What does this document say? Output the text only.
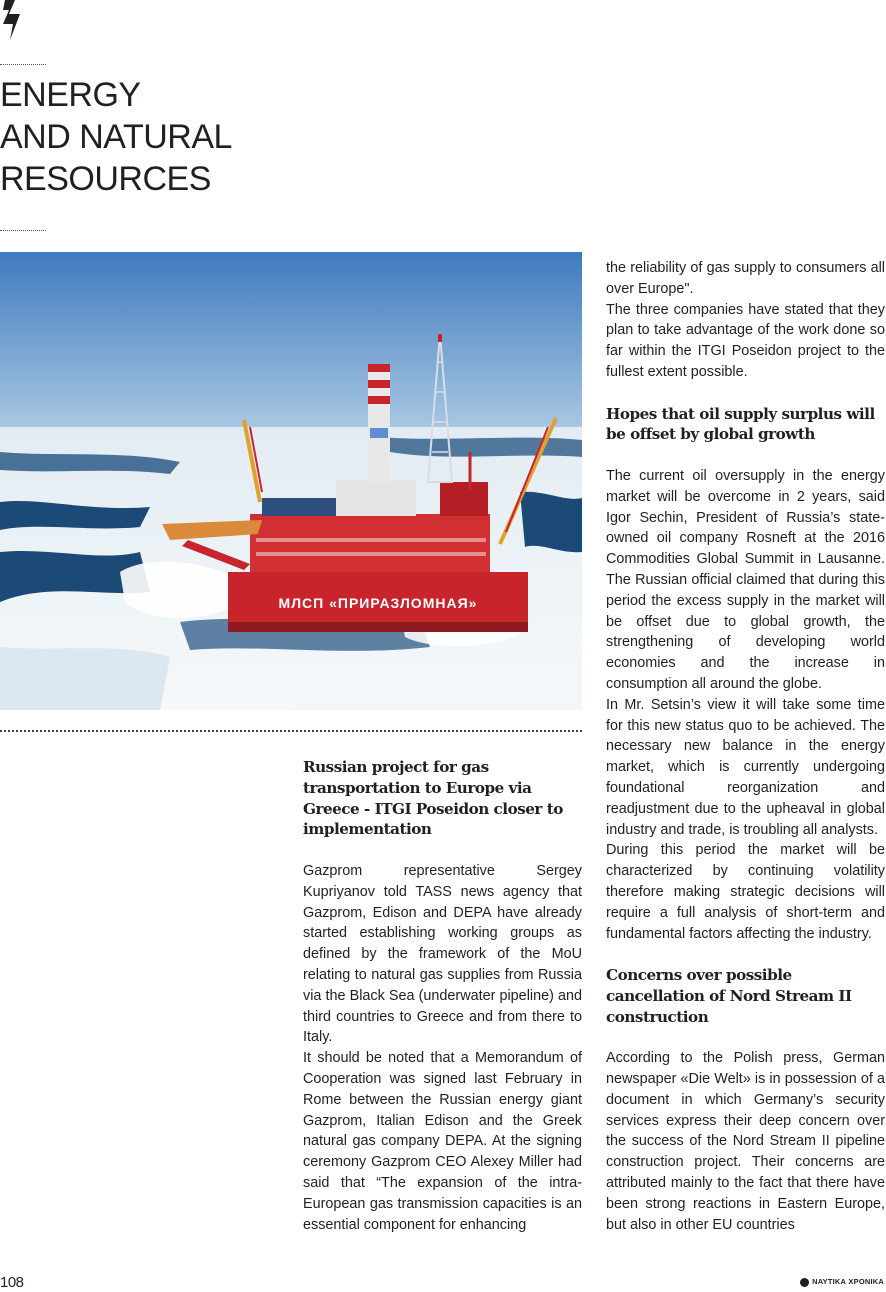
ENERGY
AND NATURAL
RESOURCES
МЛСП «ПРИРАЗЛОМНАЯ»
Russian project for gas transportation to Europe via Greece - ITGI Poseidon closer to implementation

Gazprom representative Sergey Kupriyanov told TASS news agency that Gazprom, Edison and DEPA have already started establishing working groups as defined by the framework of the MoU relating to natural gas supplies from Russia via the Black Sea (underwater pipeline) and third countries to Greece and from there to Italy.

It should be noted that a Memorandum of Cooperation was signed last February in Rome between the Russian energy giant Gazprom, Italian Edison and the Greek natural gas company DEPA. At the signing ceremony Gazprom CEO Alexey Miller had said that “The expansion of the intra-European gas transmission capacities is an essential component for enhancing

the reliability of gas supply to consumers all over Europe".

The three companies have stated that they plan to take advantage of the work done so far within the ITGI Poseidon project to the fullest extent possible.

Hopes that oil supply surplus will be offset by global growth

The current oil oversupply in the energy market will be overcome in 2 years, said Igor Sechin, President of Russia’s state-owned oil company Rosneft at the 2016 Commodities Global Summit in Lausanne. The Russian official claimed that during this period the excess supply in the market will be offset due to global growth, the strengthening of developing world economies and the increase in consumption all around the globe.

In Mr. Setsin’s view it will take some time for this new status quo to be achieved. The necessary new balance in the energy market, which is currently undergoing foundational reorganization and readjustment due to the upheaval in global industry and trade, is troubling all analysts.

During this period the market will be characterized by continuing volatility therefore making strategic decisions will require a full analysis of short-term and fundamental factors affecting the industry.

Concerns over possible cancellation of Nord Stream II construction

According to the Polish press, German newspaper «Die Welt» is in possession of a document in which Germany’s security services express their deep concern over the success of the Nord Stream II pipeline construction project. Their concerns are attributed mainly to the fact that there have been strong reactions in Eastern Europe, but also in other EU countries

108	ΝΑΥΤΙΚΑ ΧΡΟΝΙΚΑ
